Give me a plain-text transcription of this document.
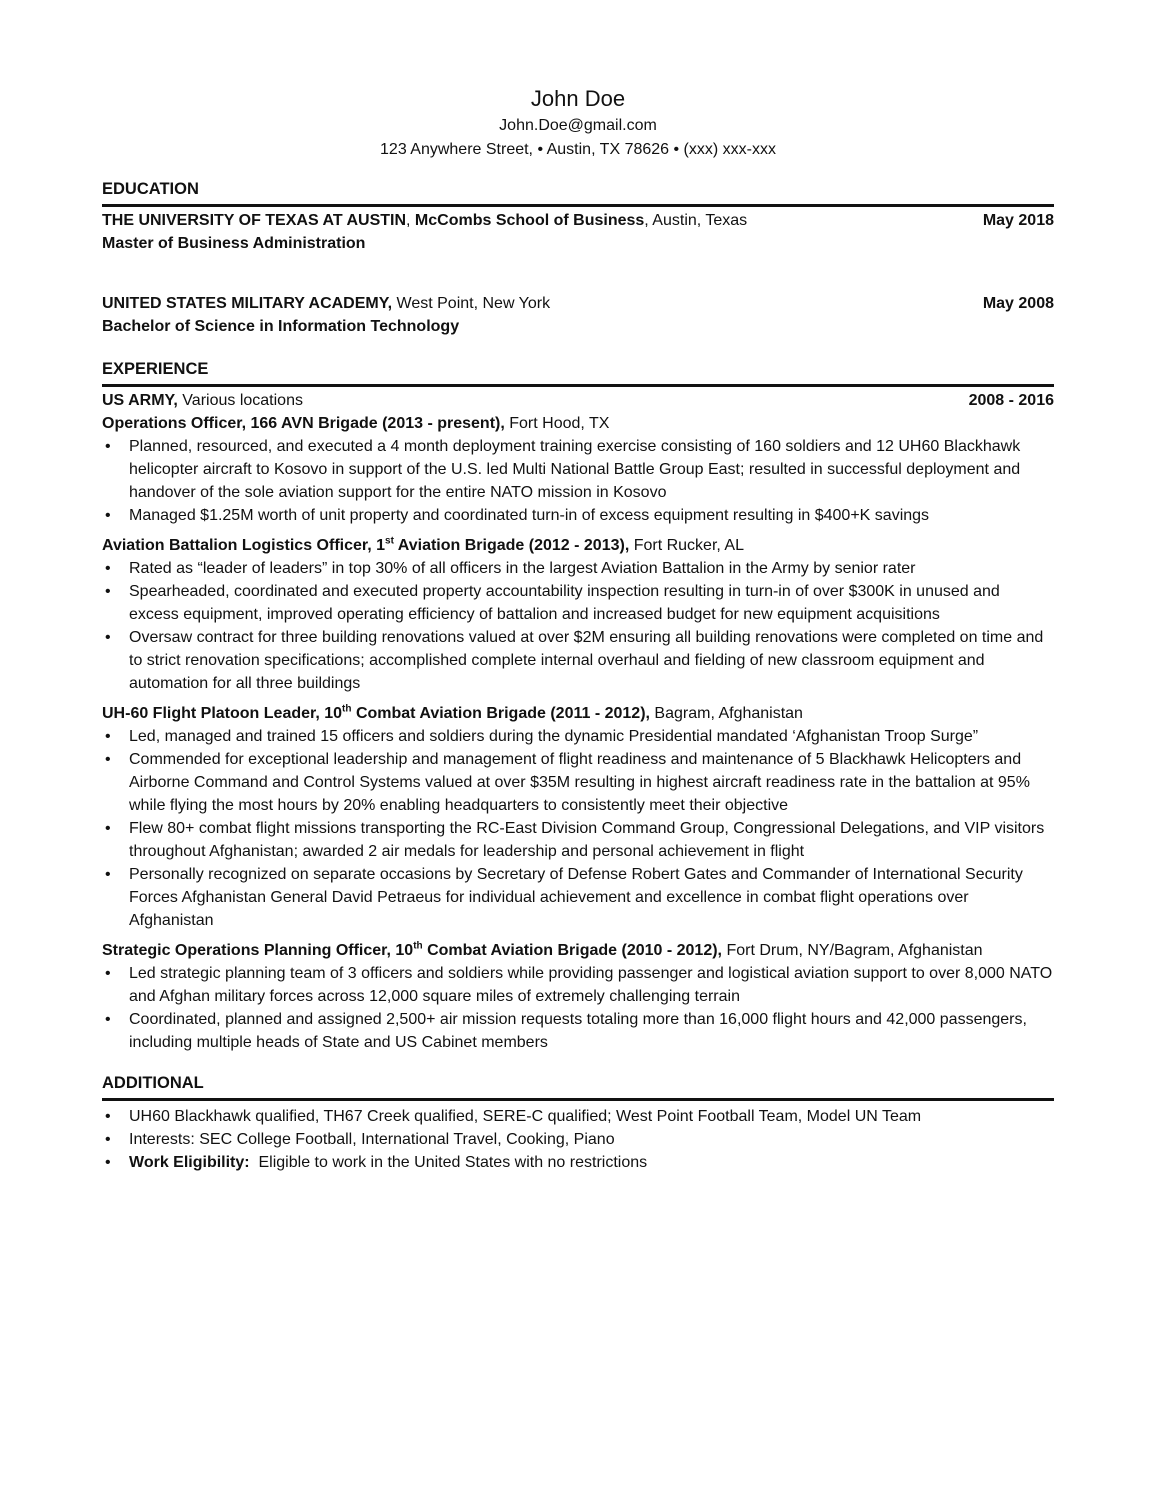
John Doe
John.Doe@gmail.com
123 Anywhere Street, • Austin, TX 78626 • (xxx) xxx-xxx
EDUCATION
THE UNIVERSITY OF TEXAS AT AUSTIN, McCombs School of Business, Austin, Texas	May 2018
Master of Business Administration
UNITED STATES MILITARY ACADEMY, West Point, New York	May 2008
Bachelor of Science in Information Technology
EXPERIENCE
US ARMY, Various locations	2008 - 2016
Operations Officer, 166 AVN Brigade (2013 - present), Fort Hood, TX
• Planned, resourced, and executed a 4 month deployment training exercise consisting of 160 soldiers and 12 UH60 Blackhawk helicopter aircraft to Kosovo in support of the U.S. led Multi National Battle Group East; resulted in successful deployment and handover of the sole aviation support for the entire NATO mission in Kosovo
• Managed $1.25M worth of unit property and coordinated turn-in of excess equipment resulting in $400+K savings
Aviation Battalion Logistics Officer, 1st Aviation Brigade (2012 - 2013), Fort Rucker, AL
• Rated as “leader of leaders” in top 30% of all officers in the largest Aviation Battalion in the Army by senior rater
• Spearheaded, coordinated and executed property accountability inspection resulting in turn-in of over $300K in unused and excess equipment, improved operating efficiency of battalion and increased budget for new equipment acquisitions
• Oversaw contract for three building renovations valued at over $2M ensuring all building renovations were completed on time and to strict renovation specifications; accomplished complete internal overhaul and fielding of new classroom equipment and automation for all three buildings
UH-60 Flight Platoon Leader, 10th Combat Aviation Brigade (2011 - 2012), Bagram, Afghanistan
• Led, managed and trained 15 officers and soldiers during the dynamic Presidential mandated ‘Afghanistan Troop Surge”
• Commended for exceptional leadership and management of flight readiness and maintenance of 5 Blackhawk Helicopters and Airborne Command and Control Systems valued at over $35M resulting in highest aircraft readiness rate in the battalion at 95% while flying the most hours by 20% enabling headquarters to consistently meet their objective
• Flew 80+ combat flight missions transporting the RC-East Division Command Group, Congressional Delegations, and VIP visitors throughout Afghanistan; awarded 2 air medals for leadership and personal achievement in flight
• Personally recognized on separate occasions by Secretary of Defense Robert Gates and Commander of International Security Forces Afghanistan General David Petraeus for individual achievement and excellence in combat flight operations over Afghanistan
Strategic Operations Planning Officer, 10th Combat Aviation Brigade (2010 - 2012), Fort Drum, NY/Bagram, Afghanistan
• Led strategic planning team of 3 officers and soldiers while providing passenger and logistical aviation support to over 8,000 NATO and Afghan military forces across 12,000 square miles of extremely challenging terrain
• Coordinated, planned and assigned 2,500+ air mission requests totaling more than 16,000 flight hours and 42,000 passengers, including multiple heads of State and US Cabinet members
ADDITIONAL
• UH60 Blackhawk qualified, TH67 Creek qualified, SERE-C qualified; West Point Football Team, Model UN Team
• Interests: SEC College Football, International Travel, Cooking, Piano
• Work Eligibility:  Eligible to work in the United States with no restrictions
